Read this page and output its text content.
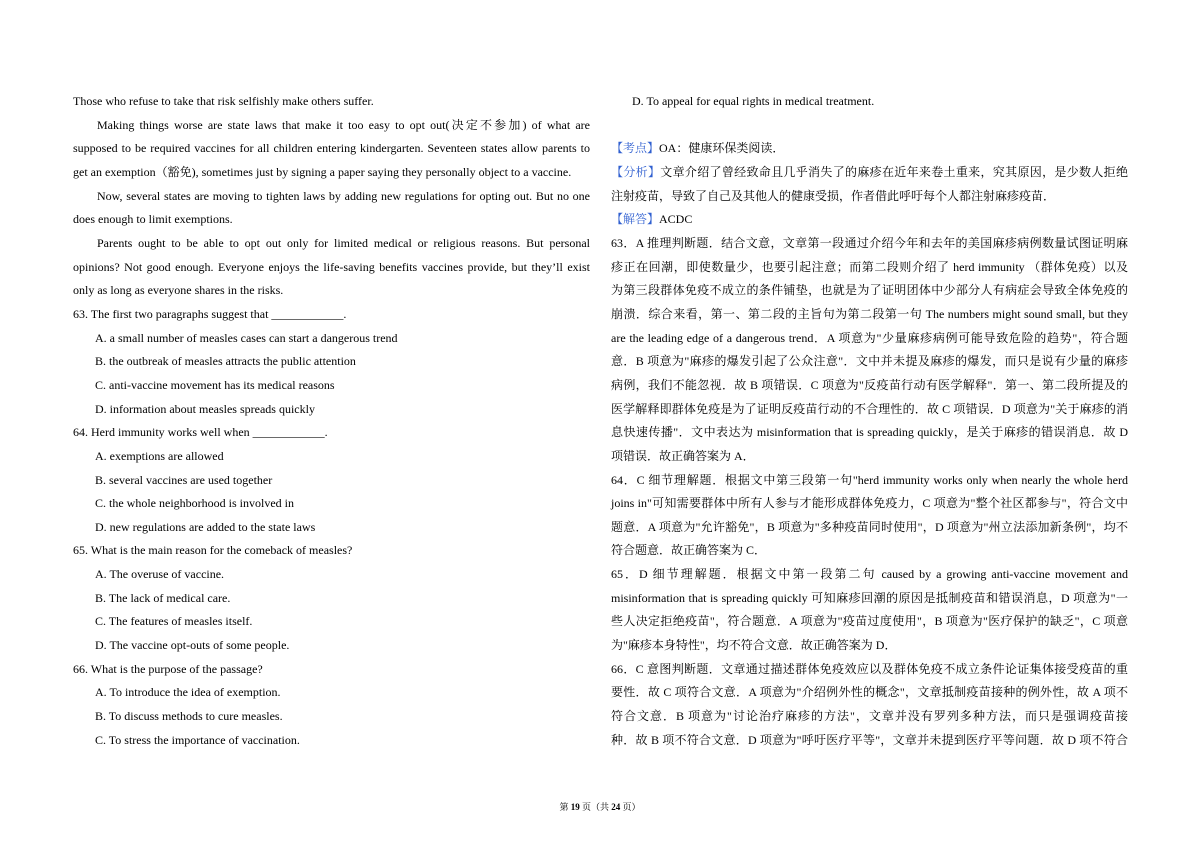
Those who refuse to take that risk selfishly make others suffer.
Making things worse are state laws that make it too easy to opt out(决定不参加) of what are
supposed to be required vaccines for all children entering kindergarten. Seventeen states allow parents to
get an exemption（豁免), sometimes just by signing a paper saying they personally object to a vaccine.
Now, several states are moving to tighten laws by adding new regulations for opting out. But no one
does enough to limit exemptions.
Parents ought to be able to opt out only for limited medical or religious reasons. But personal
opinions? Not good enough. Everyone enjoys the life-saving benefits vaccines provide, but they’ll exist
only as long as everyone shares in the risks.
63. The first two paragraphs suggest that ____________.
A. a small number of measles cases can start a dangerous trend
B. the outbreak of measles attracts the public attention
C. anti-vaccine movement has its medical reasons
D. information about measles spreads quickly
64. Herd immunity works well when ____________.
A. exemptions are allowed
B. several vaccines are used together
C. the whole neighborhood is involved in
D. new regulations are added to the state laws
65. What is the main reason for the comeback of measles?
A. The overuse of vaccine.
B. The lack of medical care.
C. The features of measles itself.
D. The vaccine opt-outs of some people.
66. What is the purpose of the passage?
A. To introduce the idea of exemption.
B. To discuss methods to cure measles.
C. To stress the importance of vaccination.
D. To appeal for equal rights in medical treatment.
【考点】OA：健康环保类阅读．
【分析】文章介绍了曾经致命且几乎消失了的麻疹在近年来卷土重来，究其原因，是少数人拒绝
注射疫苗，导致了自己及其他人的健康受损，作者借此呼吁每个人都注射麻疹疫苗．
【解答】ACDC
63．A 推理判断题．结合文意，文章第一段通过介绍今年和去年的美国麻疹病例数量试图证明麻
疹正在回潮，即使数量少，也要引起注意；而第二段则介绍了 herd immunity （群体免疫）以及
为第三段群体免疫不成立的条件铺垫，也就是为了证明团体中少部分人有病症会导致全体免疫的
崩溃．综合来看，第一、第二段的主旨句为第二段第一句 The numbers might sound small, but they
are the leading edge of a dangerous trend．A 项意为"少量麻疹病例可能导致危险的趋势"，符合题
意．B 项意为"麻疹的爆发引起了公众注意"．文中并未提及麻疹的爆发，而只是说有少量的麻疹
病例，我们不能忽视．故 B 项错误．C 项意为"反疫苗行动有医学解释"．第一、第二段所提及的
医学解释即群体免疫是为了证明反疫苗行动的不合理性的．故 C 项错误．D 项意为"关于麻疹的消
息快速传播"．文中表达为 misinformation that is spreading quickly，是关于麻疹的错误消息．故 D
项错误．故正确答案为 A．
64．C 细节理解题．根据文中第三段第一句"herd immunity works only when nearly the whole herd
joins in"可知需要群体中所有人参与才能形成群体免疫力，C 项意为"整个社区都参与"，符合文中
题意．A 项意为"允许豁免"，B 项意为"多种疫苗同时使用"，D 项意为"州立法添加新条例"，均不
符合题意．故正确答案为 C．
65．D 细节理解题．根据文中第一段第二句 caused by a growing anti-vaccine movement and
misinformation that is spreading quickly 可知麻疹回潮的原因是抵制疫苗和错误消息，D 项意为"一
些人决定拒绝疫苗"，符合题意．A 项意为"疫苗过度使用"，B 项意为"医疗保护的缺乏"，C 项意
为"麻疹本身特性"，均不符合文意．故正确答案为 D．
66．C 意图判断题．文章通过描述群体免疫效应以及群体免疫不成立条件论证集体接受疫苗的重
要性．故 C 项符合文意．A 项意为"介绍例外性的概念"，文章抵制疫苗接种的例外性，故 A 项不
符合文意．B 项意为"讨论治疗麻疹的方法"，文章并没有罗列多种方法，而只是强调疫苗接
种．故 B 项不符合文意．D 项意为"呼吁医疗平等"，文章并未提到医疗平等问题．故 D 项不符合
第 19 页（共 24 页）
